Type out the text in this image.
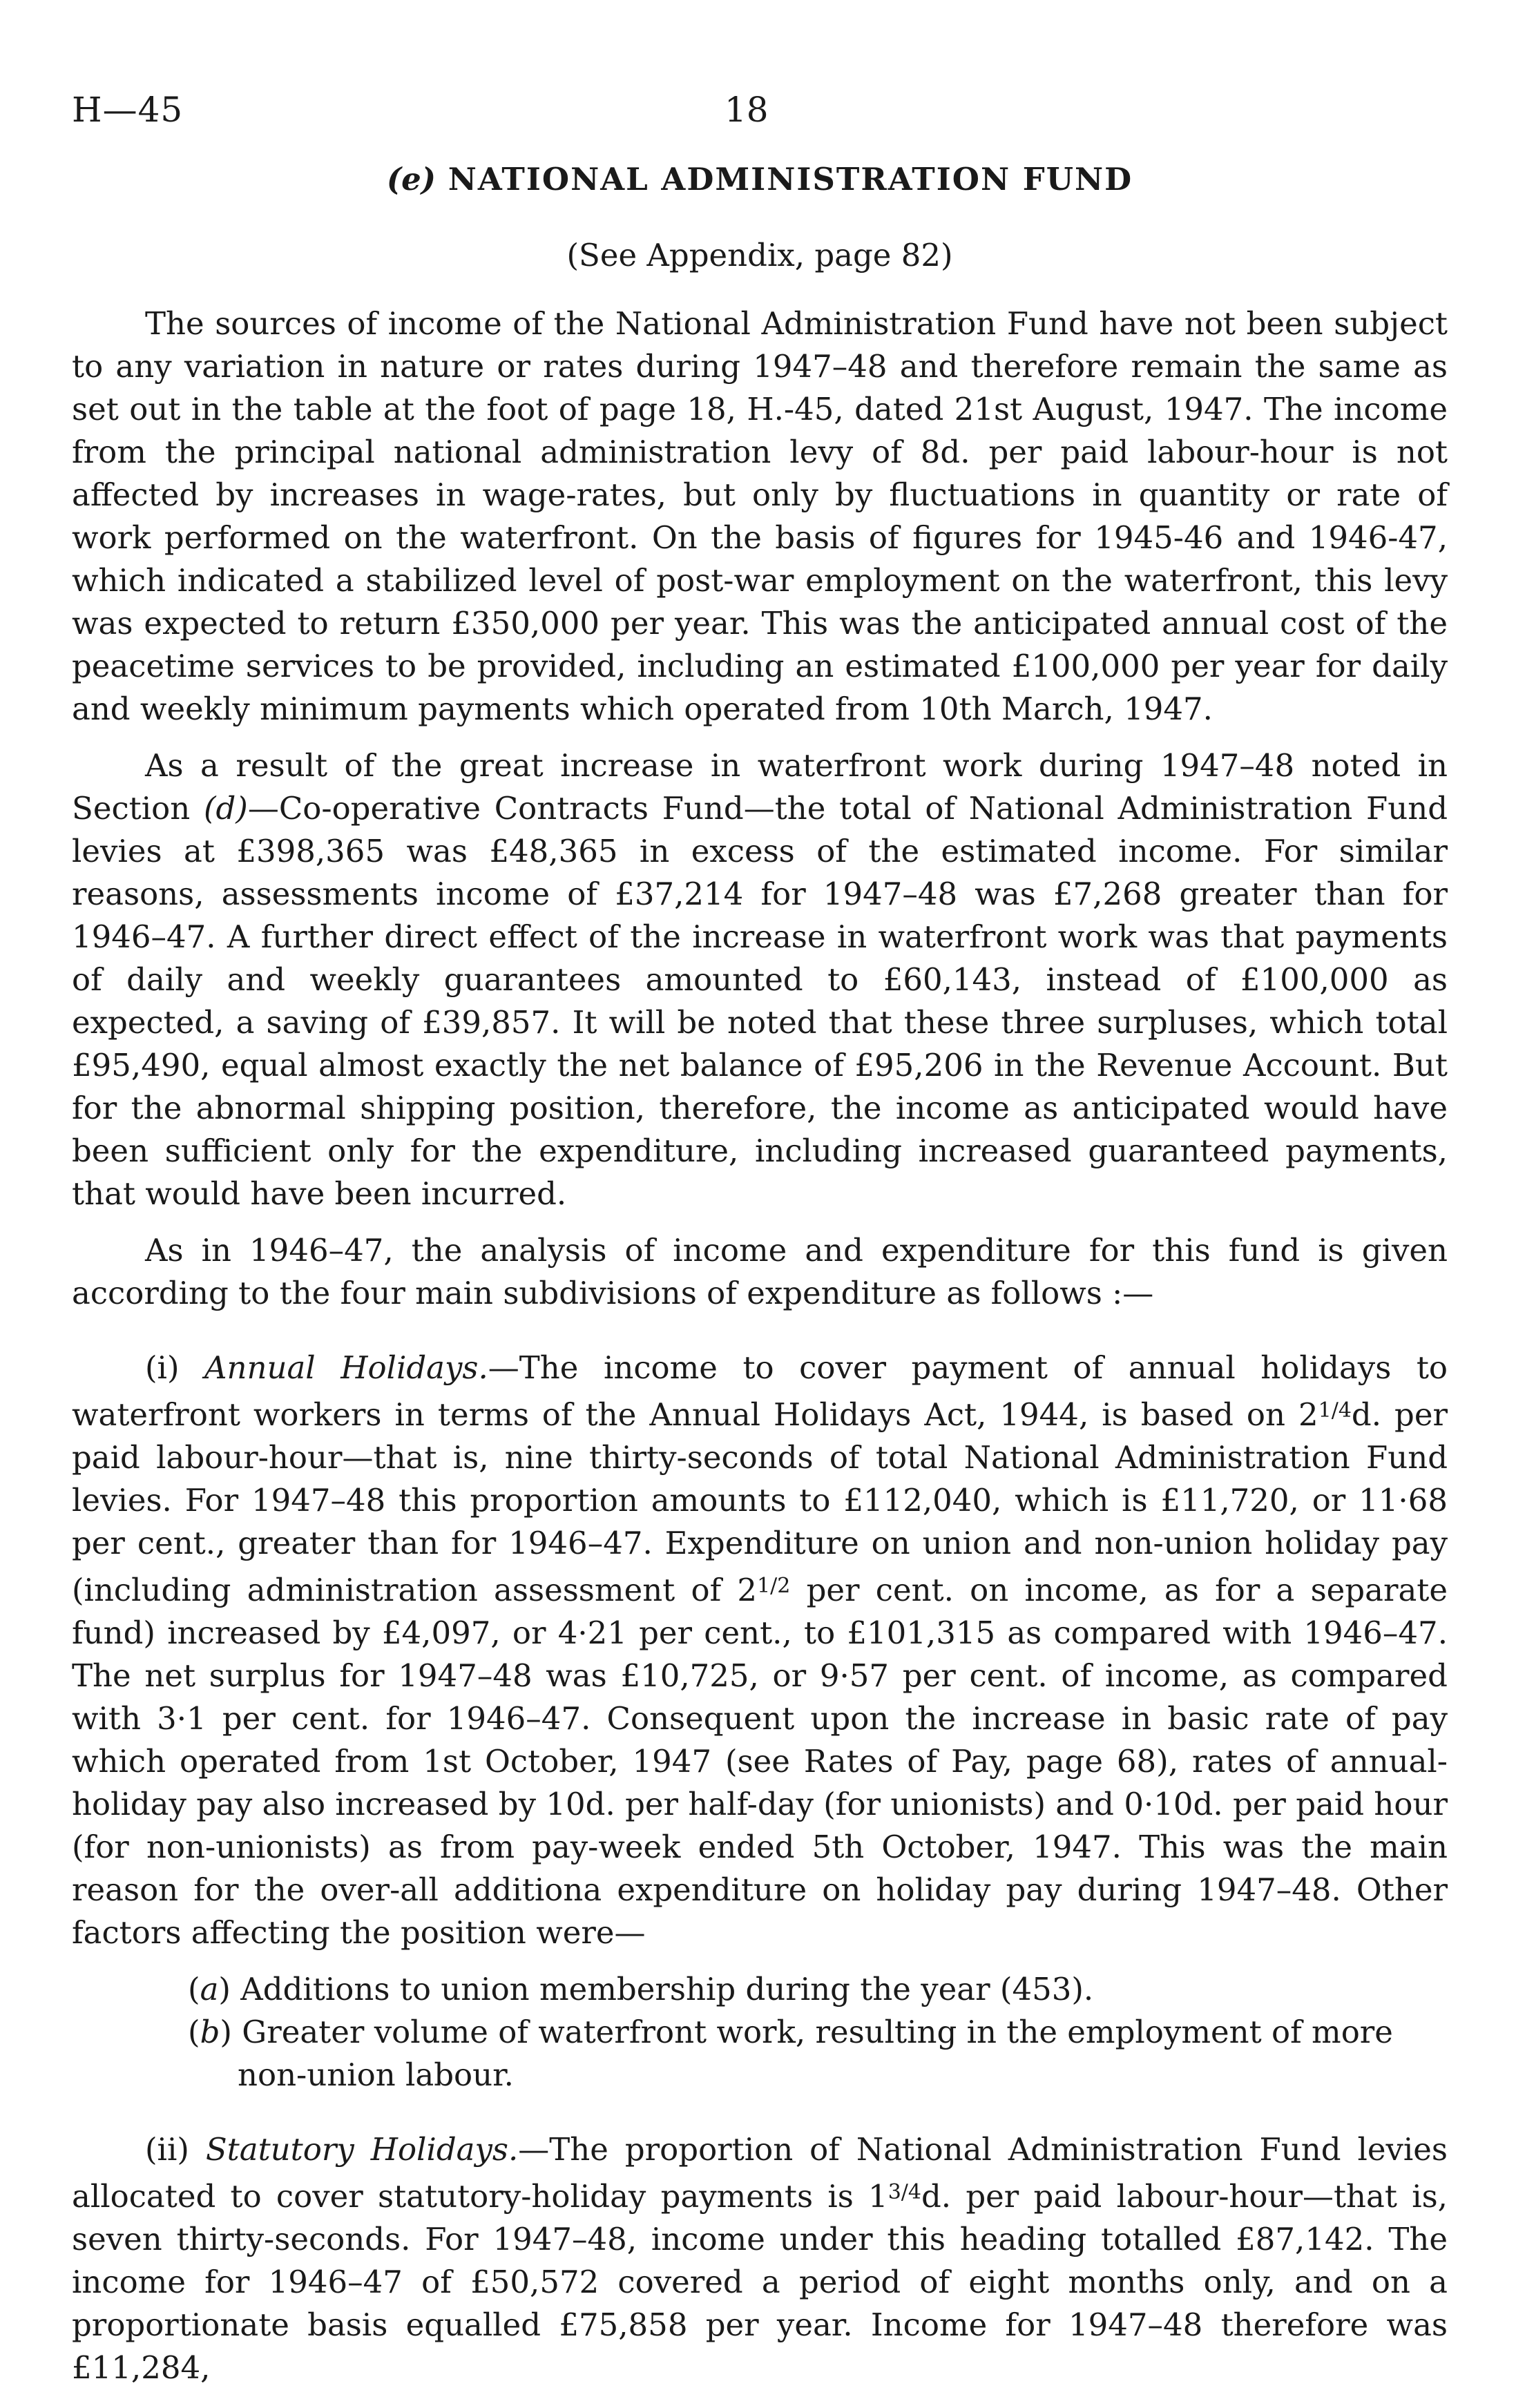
H—45	18
(e) NATIONAL ADMINISTRATION FUND

(See Appendix, page 82)

The sources of income of the National Administration Fund have not been subject to any variation in nature or rates during 1947–48 and therefore remain the same as set out in the table at the foot of page 18, H.-45, dated 21st August, 1947. The income from the principal national administration levy of 8d. per paid labour-hour is not affected by increases in wage-rates, but only by fluctuations in quantity or rate of work performed on the waterfront. On the basis of figures for 1945-46 and 1946-47, which indicated a stabilized level of post-war employment on the waterfront, this levy was expected to return £350,000 per year. This was the anticipated annual cost of the peacetime services to be provided, including an estimated £100,000 per year for daily and weekly minimum payments which operated from 10th March, 1947.

As a result of the great increase in waterfront work during 1947–48 noted in Section (d)—Co-operative Contracts Fund—the total of National Administration Fund levies at £398,365 was £48,365 in excess of the estimated income. For similar reasons, assessments income of £37,214 for 1947–48 was £7,268 greater than for 1946–47. A further direct effect of the increase in waterfront work was that payments of daily and weekly guarantees amounted to £60,143, instead of £100,000 as expected, a saving of £39,857. It will be noted that these three surpluses, which total £95,490, equal almost exactly the net balance of £95,206 in the Revenue Account. But for the abnormal shipping position, therefore, the income as anticipated would have been sufficient only for the expenditure, including increased guaranteed payments, that would have been incurred.

As in 1946–47, the analysis of income and expenditure for this fund is given according to the four main subdivisions of expenditure as follows :—

(i) Annual Holidays.—The income to cover payment of annual holidays to waterfront workers in terms of the Annual Holidays Act, 1944, is based on $2^{1/4}d$. per paid labour-hour—that is, nine thirty-seconds of total National Administration Fund levies. For 1947–48 this proportion amounts to £112,040, which is £11,720, or 11·68 per cent., greater than for 1946–47. Expenditure on union and non-union holiday pay (including administration assessment of $2^{1/2}$ per cent. on income, as for a separate fund) increased by £4,097, or 4·21 per cent., to £101,315 as compared with 1946–47. The net surplus for 1947–48 was £10,725, or 9·57 per cent. of income, as compared with 3·1 per cent. for 1946–47. Consequent upon the increase in basic rate of pay which operated from 1st October, 1947 (see Rates of Pay, page 68), rates of annual-holiday pay also increased by 10d. per half-day (for unionists) and 0·10d. per paid hour (for non-unionists) as from pay-week ended 5th October, 1947. This was the main reason for the over-all additiona expenditure on holiday pay during 1947–48. Other factors affecting the position were—

(a) Additions to union membership during the year (453).

(b) Greater volume of waterfront work, resulting in the employment of more non-union labour.

(ii) Statutory Holidays.—The proportion of National Administration Fund levies allocated to cover statutory-holiday payments is $1^{3/4}d$. per paid labour-hour—that is, seven thirty-seconds. For 1947–48, income under this heading totalled £87,142. The income for 1946–47 of £50,572 covered a period of eight months only, and on a proportionate basis equalled £75,858 per year. Income for 1947–48 therefore was £11,284,
